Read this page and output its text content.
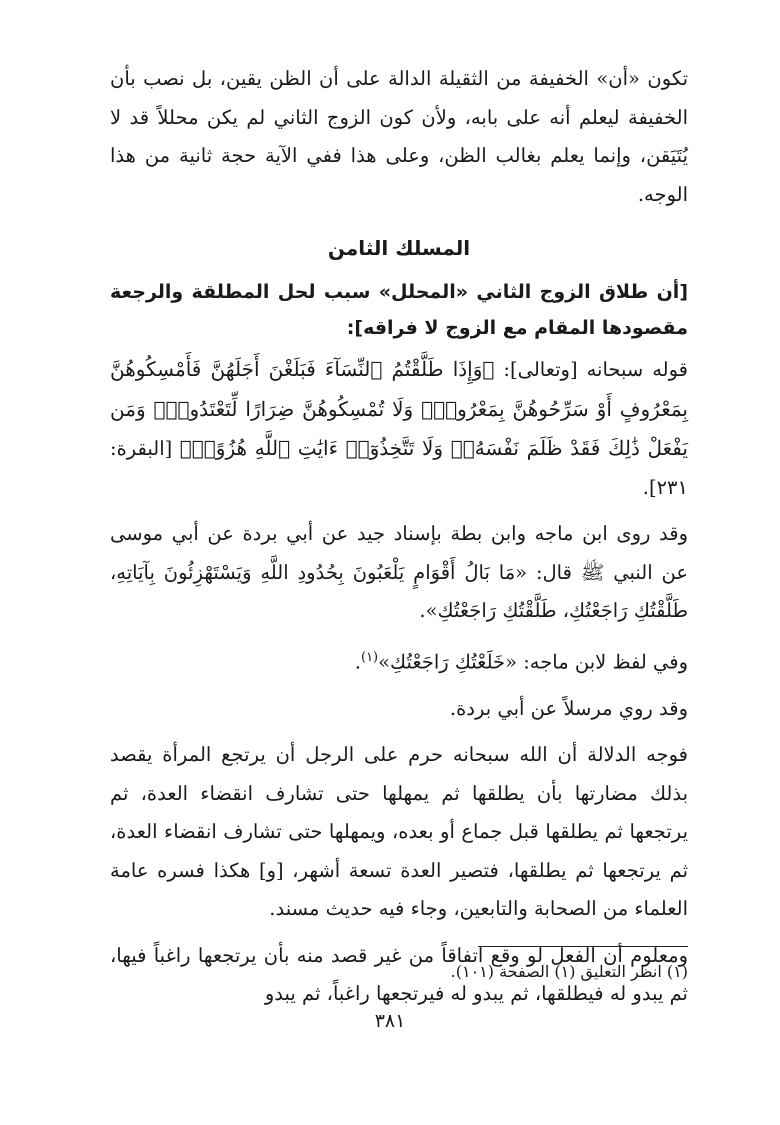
تكون «أن» الخفيفة من الثقيلة الدالة على أن الظن يقين، بل نصب بأن الخفيفة ليعلم أنه على بابه، ولأن كون الزوج الثاني لم يكن محللاً قد لا يُتَيَقن، وإنما يعلم بغالب الظن، وعلى هذا ففي الآية حجة ثانية من هذا الوجه.

المسلك الثامن

[أن طلاق الزوج الثاني «المحلل» سبب لحل المطلقة والرجعة مقصودها المقام مع الزوج لا فراقه]:

قوله سبحانه [وتعالى]: ﴿وَإِذَا طَلَّقْتُمُ ٱلنِّسَآءَ فَبَلَغْنَ أَجَلَهُنَّ فَأَمْسِكُوهُنَّ بِمَعْرُوفٍ أَوْ سَرِّحُوهُنَّ بِمَعْرُوفٍۚ وَلَا تُمْسِكُوهُنَّ ضِرَارًا لِّتَعْتَدُوا۟ۚ وَمَن يَفْعَلْ ذَٰلِكَ فَقَدْ ظَلَمَ نَفْسَهُۥۚ وَلَا تَتَّخِذُوٓا۟ ءَايَٰتِ ٱللَّهِ هُزُوًاۚ﴾ [البقرة: ٢٣١].

وقد روى ابن ماجه وابن بطة بإسناد جيد عن أبي بردة عن أبي موسى عن النبي ﷺ قال: «مَا بَالُ أَقْوَامٍ يَلْعَبُونَ بِحُدُودِ اللَّهِ وَيَسْتَهْزِئُونَ بِآيَاتِهِ، طَلَّقْتُكِ رَاجَعْتُكِ، طَلَّقْتُكِ رَاجَعْتُكِ».

وفي لفظ لابن ماجه: «خَلَعْتُكِ رَاجَعْتُكِ»$^{(١)}$.

وقد روي مرسلاً عن أبي بردة.

فوجه الدلالة أن الله سبحانه حرم على الرجل أن يرتجع المرأة يقصد بذلك مضارتها بأن يطلقها ثم يمهلها حتى تشارف انقضاء العدة، ثم يرتجعها ثم يطلقها قبل جماع أو بعده، ويمهلها حتى تشارف انقضاء العدة، ثم يرتجعها ثم يطلقها، فتصير العدة تسعة أشهر، [و] هكذا فسره عامة العلماء من الصحابة والتابعين، وجاء فيه حديث مسند.

ومعلوم أن الفعل لو وقع اتفاقاً من غير قصد منه بأن يرتجعها راغباً فيها، ثم يبدو له فيطلقها، ثم يبدو له فيرتجعها راغباً، ثم يبدو

(١) انظر التعليق (١) الصفحة (١٠١).
٣٨١
